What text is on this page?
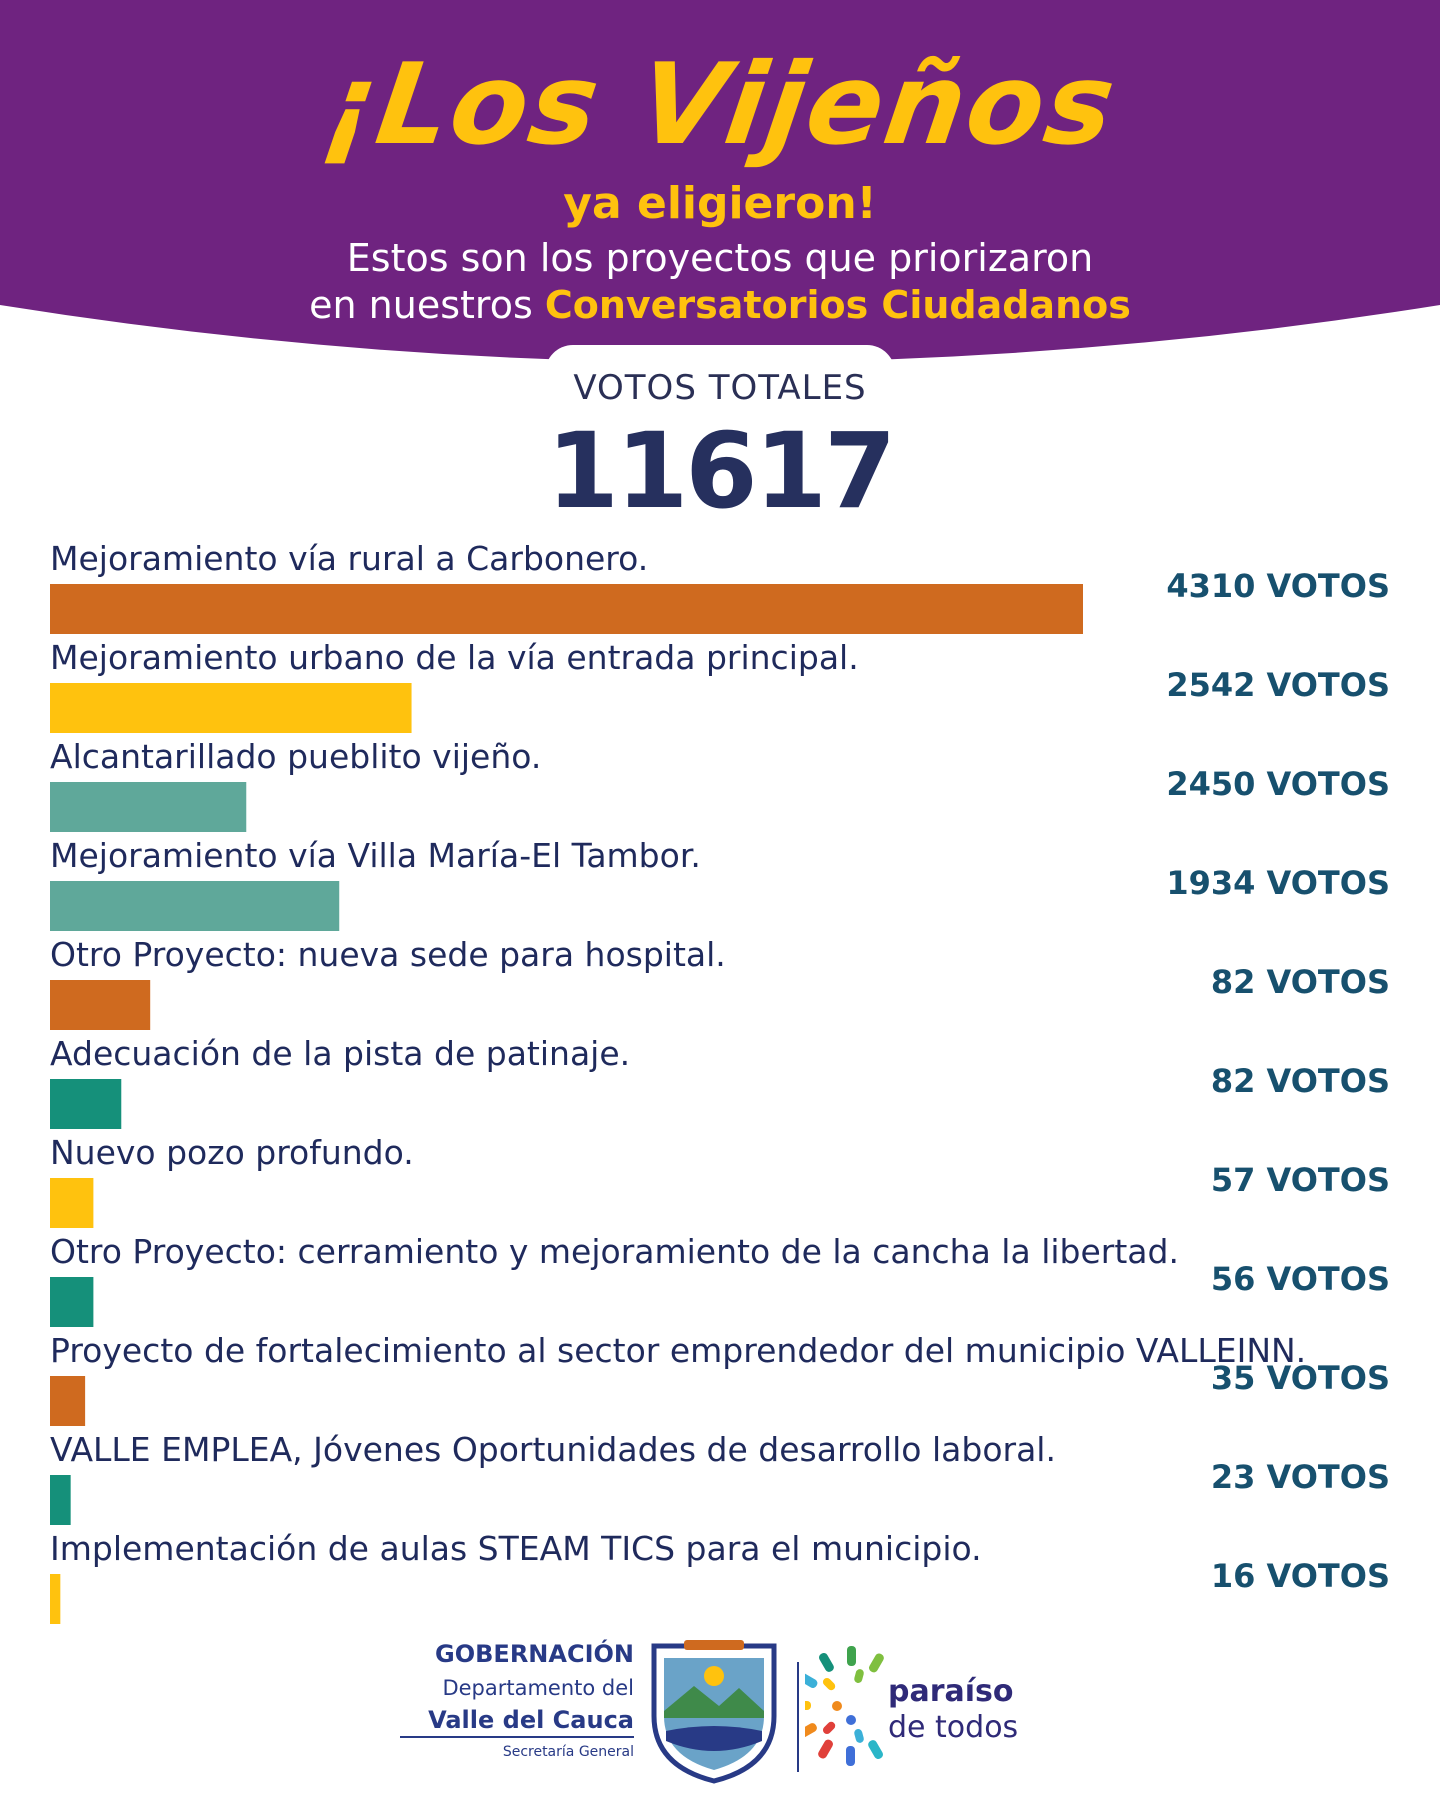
¡Los Vijeños
ya eligieron!
Estos son los proyectos que priorizaron
en nuestros Conversatorios Ciudadanos
VOTOS TOTALES
11617
Mejoramiento vía rural a Carbonero.
4310 VOTOS
Mejoramiento urbano de la vía entrada principal.
2542 VOTOS
Alcantarillado pueblito vijeño.
2450 VOTOS
Mejoramiento vía Villa María-El Tambor.
1934 VOTOS
Otro Proyecto: nueva sede para hospital.
82 VOTOS
Adecuación de la pista de patinaje.
82 VOTOS
Nuevo pozo profundo.
57 VOTOS
Otro Proyecto: cerramiento y mejoramiento de la cancha la libertad.
56 VOTOS
Proyecto de fortalecimiento al sector emprendedor del municipio VALLEINN.
35 VOTOS
VALLE EMPLEA, Jóvenes Oportunidades de desarrollo laboral.
23 VOTOS
Implementación de aulas STEAM TICS para el municipio.
16 VOTOS
GOBERNACIÓN
Departamento del
Valle del Cauca
Secretaría General
paraíso
de todos
